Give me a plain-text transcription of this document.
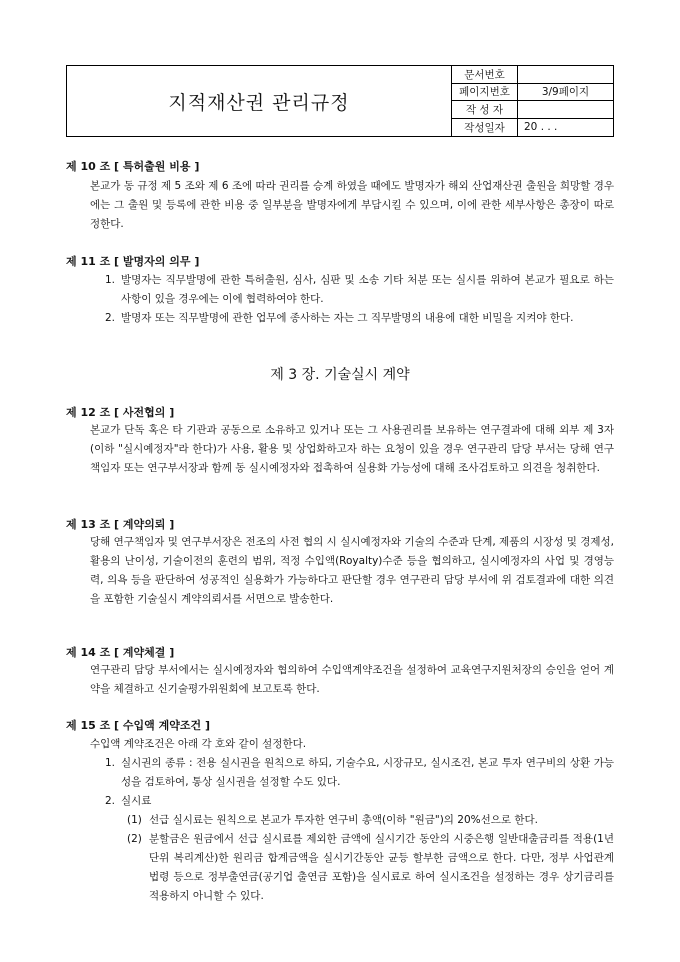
지적재산권 관리규정
문서번호
페이지번호	3/9페이지
작 성 자
작성일자	20 . . .
제 10 조 [ 특허출원 비용 ]
본교가 동 규정 제 5 조와 제 6 조에 따라 권리를 승계 하였을 때에도 발명자가 해외 산업재산권 출원을 희망할 경우에는 그 출원 및 등록에 관한 비용 중 일부분을 발명자에게 부담시킬 수 있으며, 이에 관한 세부사항은 총장이 따로 정한다.
제 11 조 [ 발명자의 의무 ]
1. 발명자는 직무발명에 관한 특허출원, 심사, 심판 및 소송 기타 처분 또는 실시를 위하여 본교가 필요로 하는 사항이 있을 경우에는 이에 협력하여야 한다.
2. 발명자 또는 직무발명에 관한 업무에 종사하는 자는 그 직무발명의 내용에 대한 비밀을 지켜야 한다.
제 3 장. 기술실시 계약
제 12 조 [ 사전협의 ]
본교가 단독 혹은 타 기관과 공동으로 소유하고 있거나 또는 그 사용권리를 보유하는 연구결과에 대해 외부 제 3자(이하 "실시예정자"라 한다)가 사용, 활용 및 상업화하고자 하는 요청이 있을 경우 연구관리 담당 부서는 당해 연구책임자 또는 연구부서장과 함께 동 실시예정자와 접촉하여 실용화 가능성에 대해 조사검토하고 의견을 청취한다.
제 13 조 [ 계약의뢰 ]
당해 연구책임자 및 연구부서장은 전조의 사전 협의 시 실시예정자와 기술의 수준과 단계, 제품의 시장성 및 경제성, 활용의 난이성, 기술이전의 훈련의 범위, 적정 수입액(Royalty)수준 등을 협의하고, 실시예정자의 사업 및 경영능력, 의욕 등을 판단하여 성공적인 실용화가 가능하다고 판단할 경우 연구관리 담당 부서에 위 검토결과에 대한 의견을 포함한 기술실시 계약의뢰서를 서면으로 발송한다.
제 14 조 [ 계약체결 ]
연구관리 담당 부서에서는 실시예정자와 협의하여 수입액계약조건을 설정하여 교육연구지원처장의 승인을 얻어 계약을 체결하고 신기술평가위원회에 보고토록 한다.
제 15 조 [ 수입액 계약조건 ]
수입액 계약조건은 아래 각 호와 같이 설정한다.
1. 실시권의 종류 : 전용 실시권을 원칙으로 하되, 기술수요, 시장규모, 실시조건, 본교 투자 연구비의 상환 가능성을 검토하여, 통상 실시권을 설정할 수도 있다.
2. 실시료
(1) 선급 실시료는 원칙으로 본교가 투자한 연구비 총액(이하 "원금")의 20%선으로 한다.
(2) 분할금은 원금에서 선급 실시료를 제외한 금액에 실시기간 동안의 시중은행 일반대출금리를 적용(1년 단위 복리계산)한 원리금 합계금액을 실시기간동안 균등 할부한 금액으로 한다. 다만, 정부 사업관계 법령 등으로 정부출연금(공기업 출연금 포함)을 실시료로 하여 실시조건을 설정하는 경우 상기금리를 적용하지 아니할 수 있다.
